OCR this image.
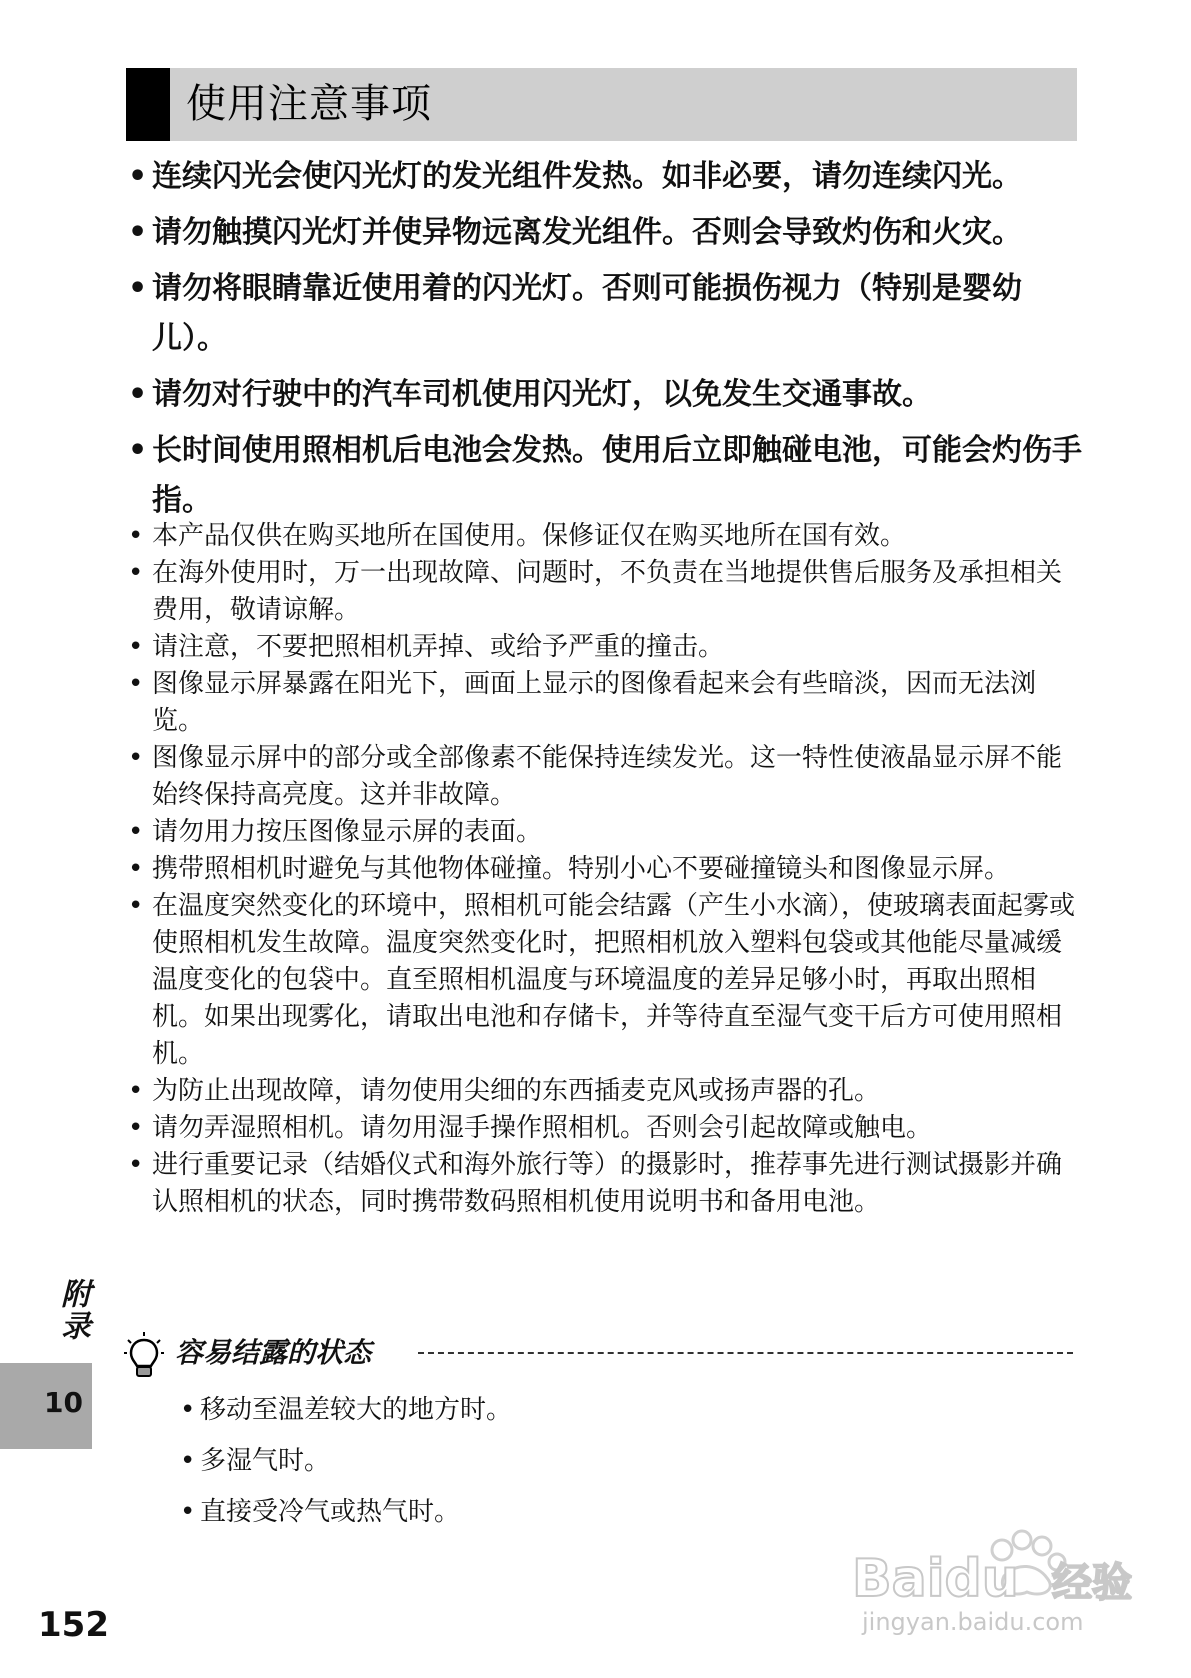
使用注意事项
• 连续闪光会使闪光灯的发光组件发热。如非必要，请勿连续闪光。
• 请勿触摸闪光灯并使异物远离发光组件。否则会导致灼伤和火灾。
• 请勿将眼睛靠近使用着的闪光灯。否则可能损伤视力（特别是婴幼儿）。
• 请勿对行驶中的汽车司机使用闪光灯，以免发生交通事故。
• 长时间使用照相机后电池会发热。使用后立即触碰电池，可能会灼伤手指。
• 本产品仅供在购买地所在国使用。保修证仅在购买地所在国有效。
• 在海外使用时，万一出现故障、问题时，不负责在当地提供售后服务及承担相关费用，敬请谅解。
• 请注意，不要把照相机弄掉、或给予严重的撞击。
• 图像显示屏暴露在阳光下，画面上显示的图像看起来会有些暗淡，因而无法浏览。
• 图像显示屏中的部分或全部像素不能保持连续发光。这一特性使液晶显示屏不能始终保持高亮度。这并非故障。
• 请勿用力按压图像显示屏的表面。
• 携带照相机时避免与其他物体碰撞。特别小心不要碰撞镜头和图像显示屏。
• 在温度突然变化的环境中，照相机可能会结露（产生小水滴），使玻璃表面起雾或使照相机发生故障。温度突然变化时，把照相机放入塑料包袋或其他能尽量减缓温度变化的包袋中。直至照相机温度与环境温度的差异足够小时，再取出照相机。如果出现雾化，请取出电池和存储卡，并等待直至湿气变干后方可使用照相机。
• 为防止出现故障，请勿使用尖细的东西插麦克风或扬声器的孔。
• 请勿弄湿照相机。请勿用湿手操作照相机。否则会引起故障或触电。
• 进行重要记录（结婚仪式和海外旅行等）的摄影时，推荐事先进行测试摄影并确认照相机的状态，同时携带数码照相机使用说明书和备用电池。
附录
10
容易结露的状态
• 移动至温差较大的地方时。
• 多湿气时。
• 直接受冷气或热气时。
152
Baidu 经验
jingyan.baidu.com
